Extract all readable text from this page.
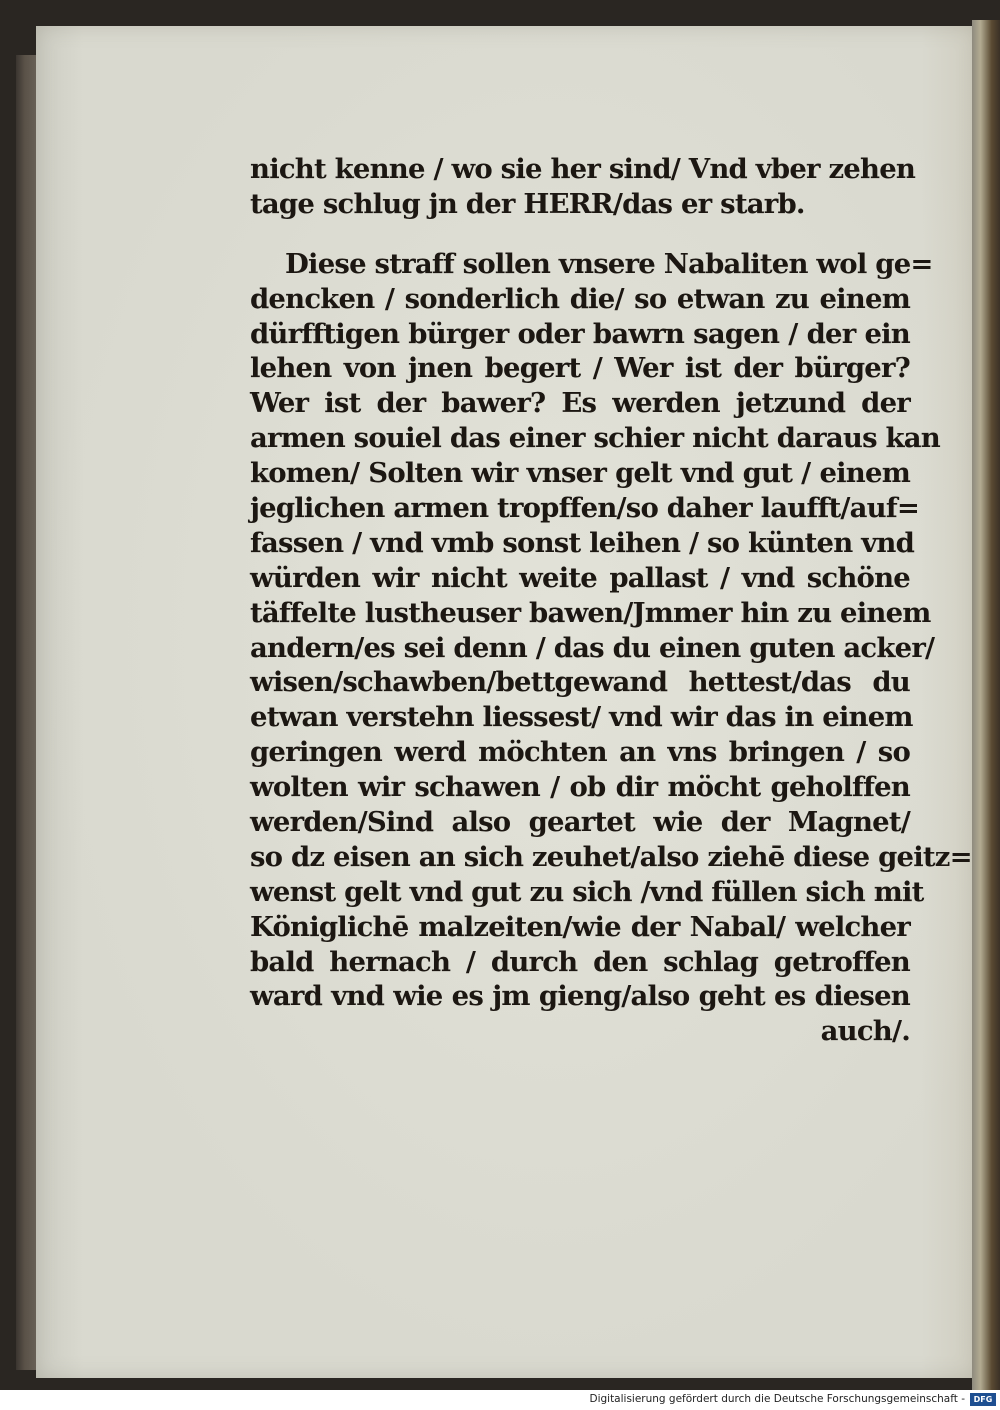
nicht kenne / wo sie her sind/ Vnd vber zehen
tage schlug jn der HERR/das er starb.
Diese straff sollen vnsere Nabaliten wol ge=
dencken / sonderlich die/ so etwan zu einem
dürfftigen bürger oder bawrn sagen / der ein
lehen von jnen begert / Wer ist der bürger?
Wer ist der bawer? Es werden jetzund der
armen souiel das einer schier nicht daraus kan
komen/ Solten wir vnser gelt vnd gut / einem
jeglichen armen tropffen/so daher laufft/auf=
fassen / vnd vmb sonst leihen / so künten vnd
würden wir nicht weite pallast / vnd schöne
täffelte lustheuser bawen/Jmmer hin zu einem
andern/es sei denn / das du einen guten acker/
wisen/schawben/bettgewand hettest/das du
etwan verstehn liessest/ vnd wir das in einem
geringen werd möchten an vns bringen / so
wolten wir schawen / ob dir möcht geholffen
werden/Sind also geartet wie der Magnet/
so dz eisen an sich zeuhet/also ziehē diese geitz=
wenst gelt vnd gut zu sich /vnd füllen sich mit
Königlichē malzeiten/wie der Nabal/ welcher
bald hernach / durch den schlag getroffen
ward vnd wie es jm gieng/also geht es diesen
auch/.
Digitalisierung gefördert durch die Deutsche Forschungsgemeinschaft -	DFG
